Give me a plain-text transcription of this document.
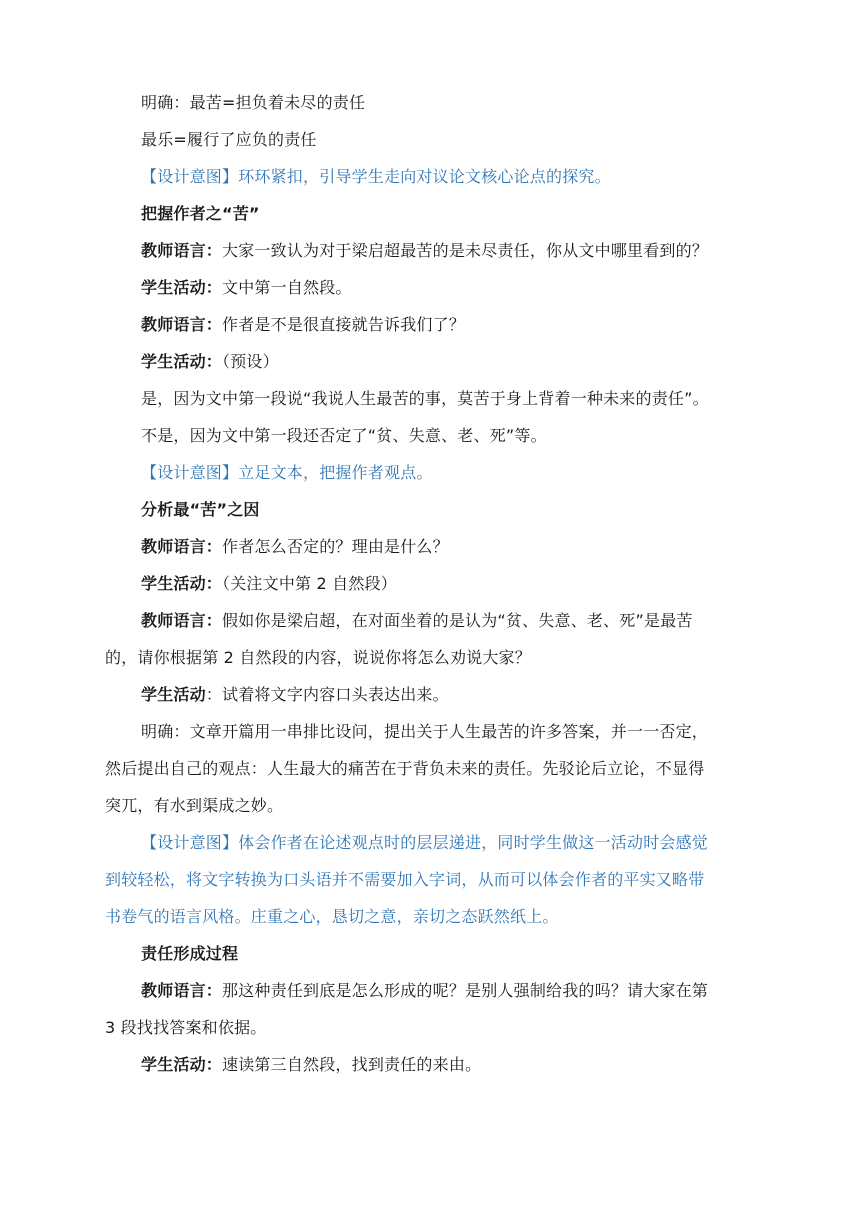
明确：最苦=担负着未尽的责任
最乐=履行了应负的责任
【设计意图】环环紧扣，引导学生走向对议论文核心论点的探究。
把握作者之“苦”
教师语言：大家一致认为对于梁启超最苦的是未尽责任，你从文中哪里看到的？
学生活动：文中第一自然段。
教师语言：作者是不是很直接就告诉我们了？
学生活动：（预设）
是，因为文中第一段说“我说人生最苦的事，莫苦于身上背着一种未来的责任”。
不是，因为文中第一段还否定了“贫、失意、老、死”等。
【设计意图】立足文本，把握作者观点。
分析最“苦”之因
教师语言：作者怎么否定的？理由是什么？
学生活动：（关注文中第 2 自然段）
教师语言：假如你是梁启超，在对面坐着的是认为“贫、失意、老、死”是最苦
的，请你根据第 2 自然段的内容，说说你将怎么劝说大家？
学生活动：试着将文字内容口头表达出来。
明确：文章开篇用一串排比设问，提出关于人生最苦的许多答案，并一一否定，
然后提出自己的观点：人生最大的痛苦在于背负未来的责任。先驳论后立论，不显得
突兀，有水到渠成之妙。
【设计意图】体会作者在论述观点时的层层递进，同时学生做这一活动时会感觉
到较轻松，将文字转换为口头语并不需要加入字词，从而可以体会作者的平实又略带
书卷气的语言风格。庄重之心，恳切之意，亲切之态跃然纸上。
责任形成过程
教师语言：那这种责任到底是怎么形成的呢？是别人强制给我的吗？请大家在第
3 段找找答案和依据。
学生活动：速读第三自然段，找到责任的来由。
